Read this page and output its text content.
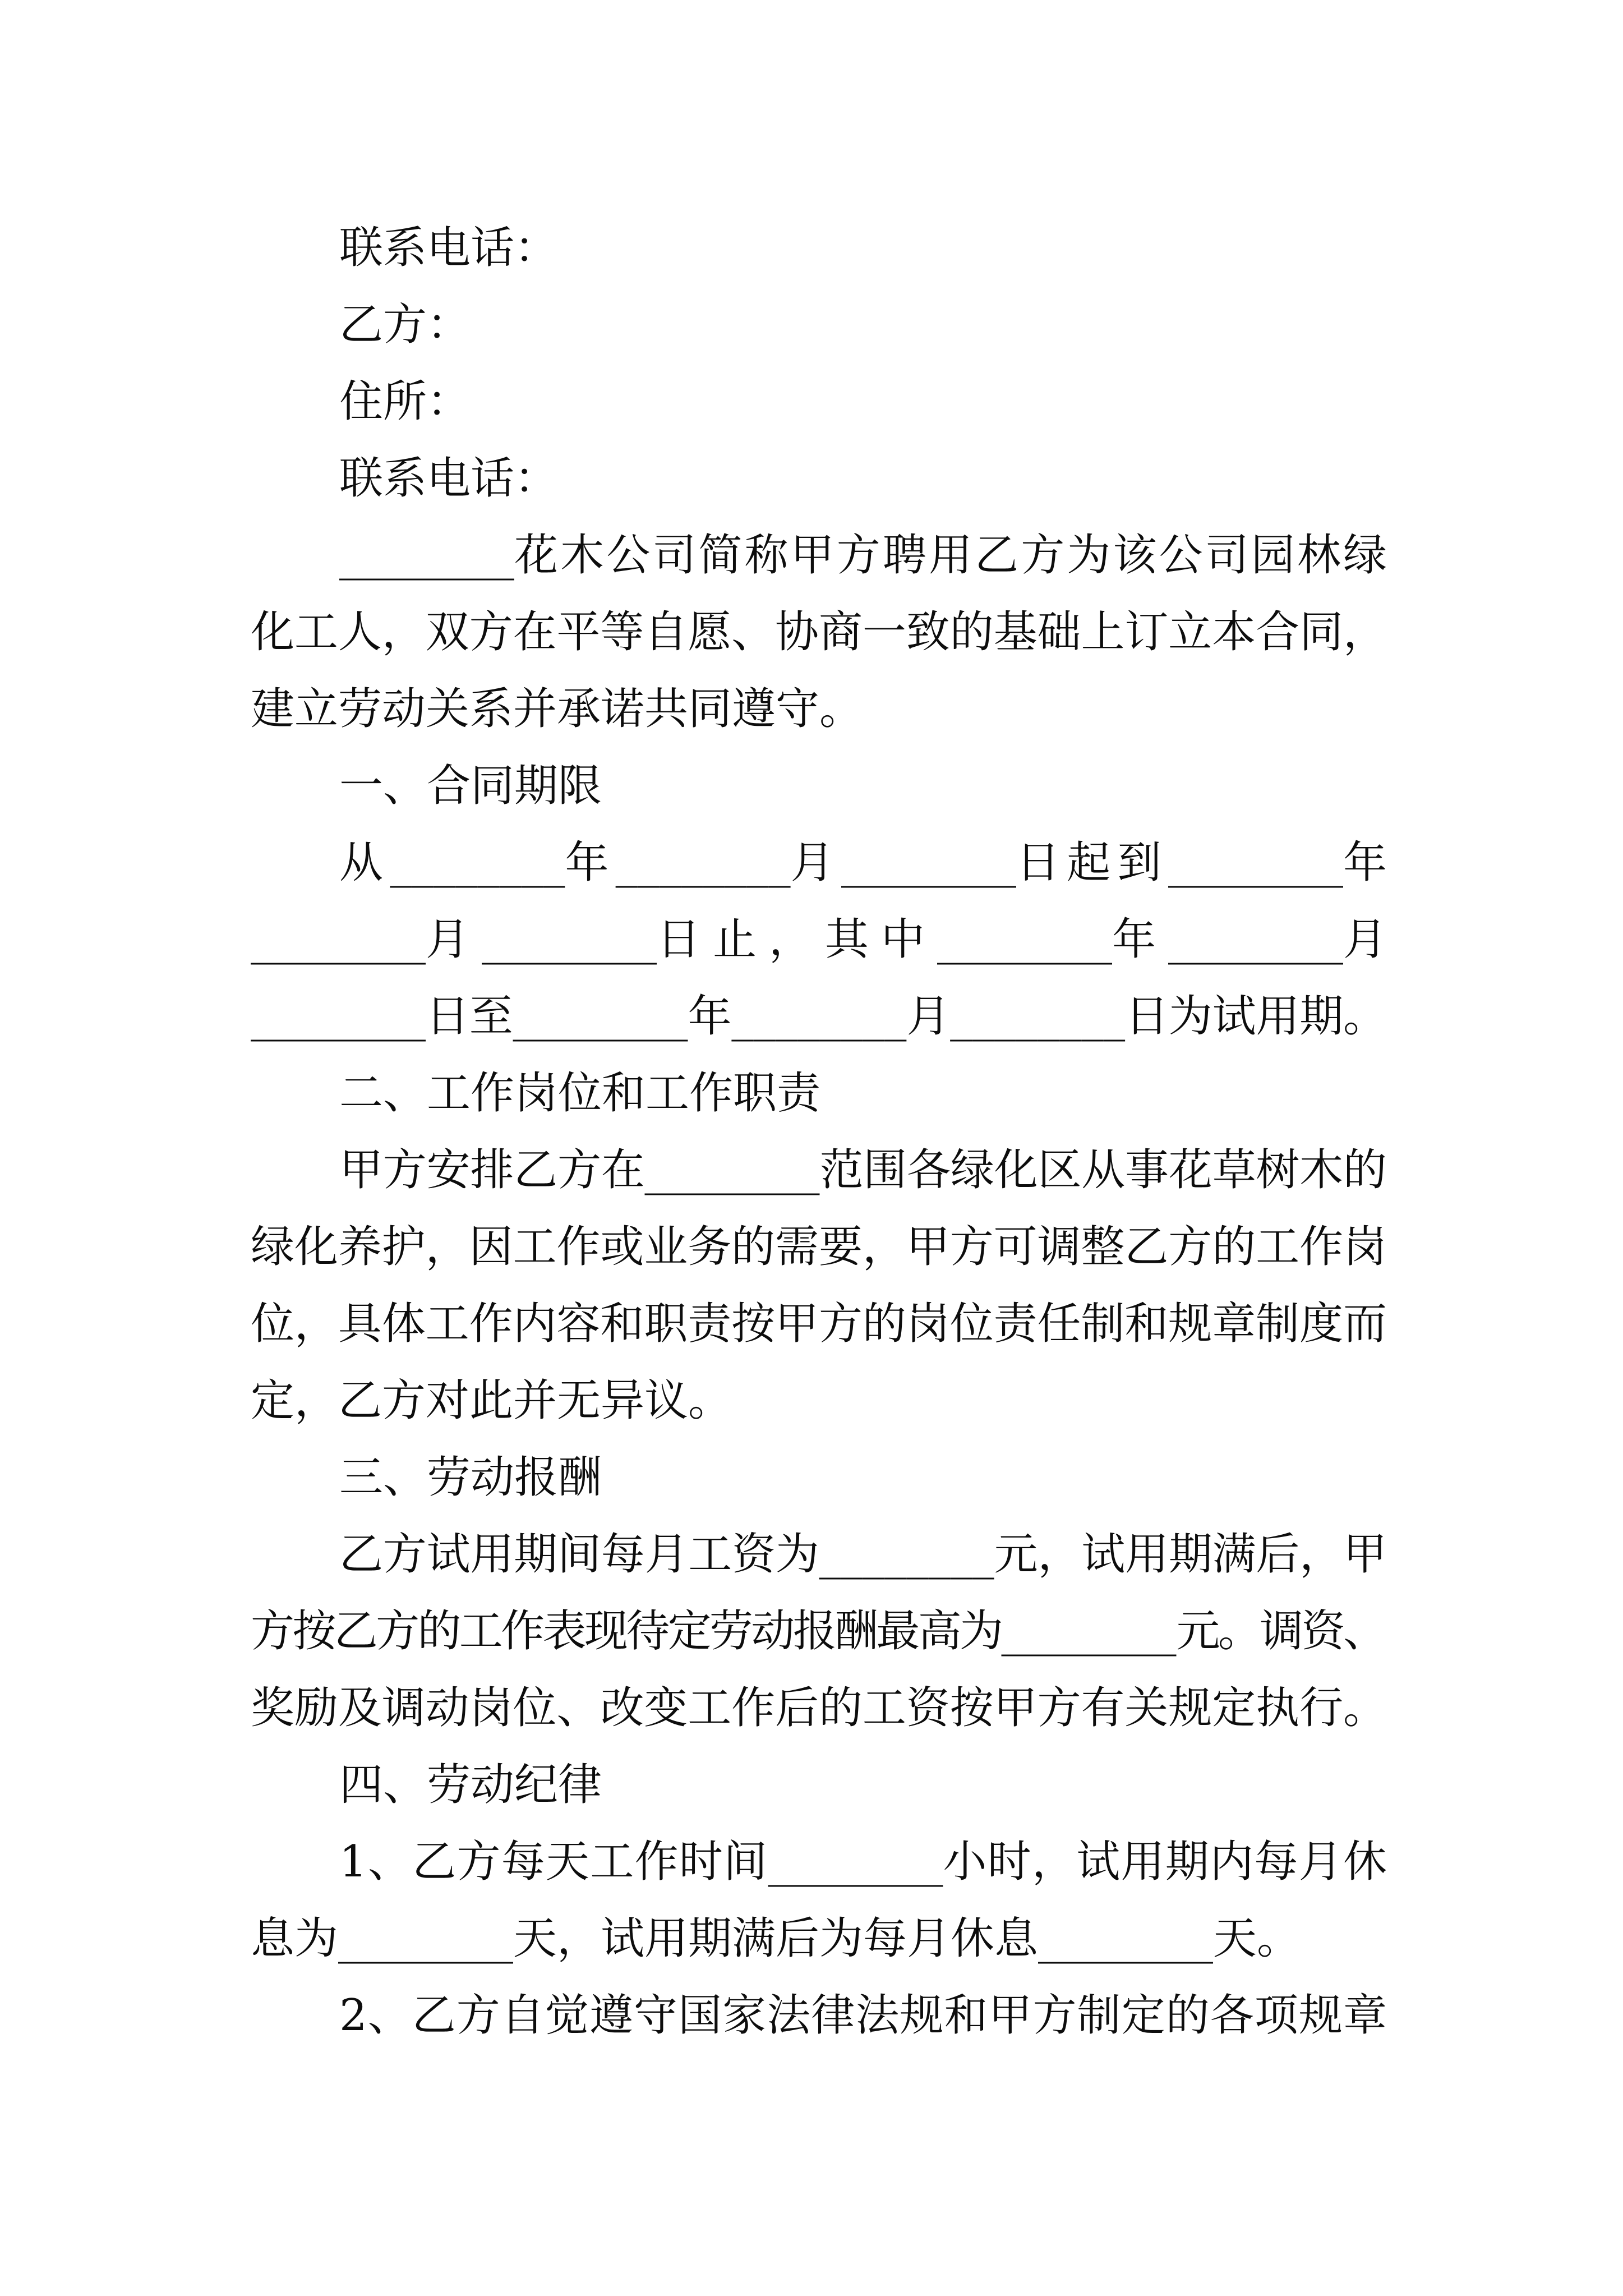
联系电话：
乙方：
住所：
联系电话：
________花木公司简称甲方聘用乙方为该公司园林绿
化工人，双方在平等自愿、协商一致的基础上订立本合同，
建立劳动关系并承诺共同遵守。
一、合同期限
从________年________月________日起到________年
________月________日止，其中________年________月
________日至________年________月________日为试用期。
二、工作岗位和工作职责
甲方安排乙方在________范围各绿化区从事花草树木的
绿化养护，因工作或业务的需要，甲方可调整乙方的工作岗
位，具体工作内容和职责按甲方的岗位责任制和规章制度而
定，乙方对此并无异议。
三、劳动报酬
乙方试用期间每月工资为________元，试用期满后，甲
方按乙方的工作表现待定劳动报酬最高为________元。调资、
奖励及调动岗位、改变工作后的工资按甲方有关规定执行。
四、劳动纪律
1、乙方每天工作时间________小时，试用期内每月休
息为________天，试用期满后为每月休息________天。
2、乙方自觉遵守国家法律法规和甲方制定的各项规章
